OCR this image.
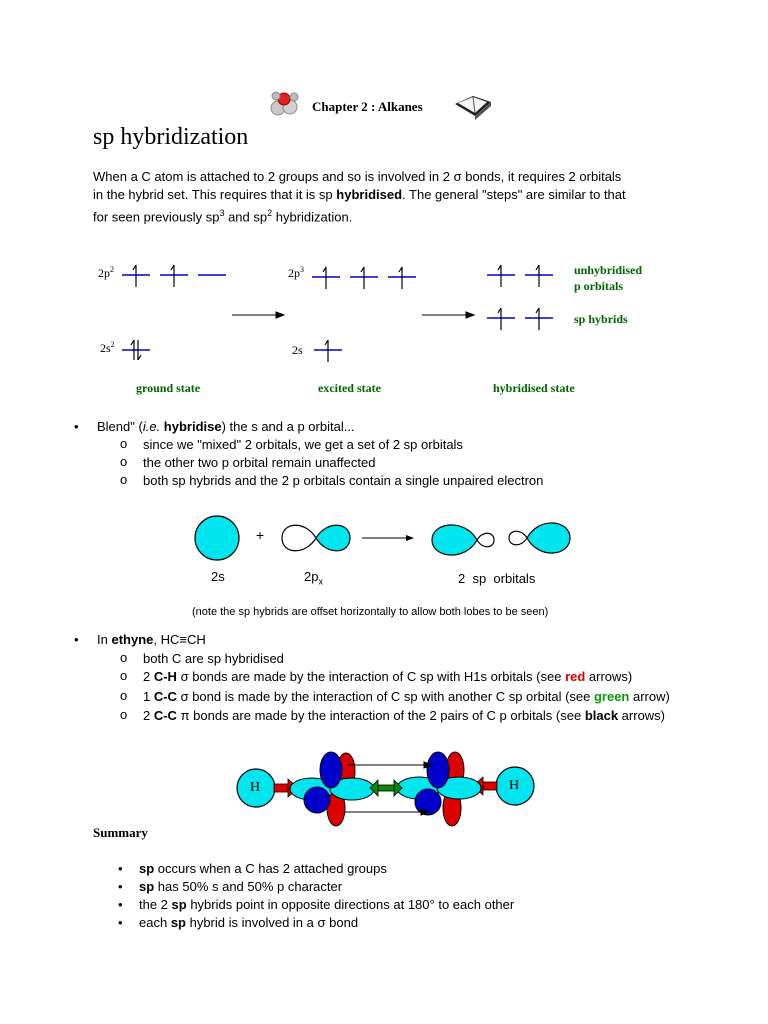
Chapter 2 : Alkanes
sp hybridization
When a C atom is attached to 2 groups and so is involved in 2 σ bonds, it requires 2 orbitals
in the hybrid set. This requires that it is sp hybridised. The general "steps" are similar to that
for seen previously $sp^3$ and $sp^2$ hybridization.
$2p^2$
$2s^2$
$2p^3$
2s
unhybridised
p orbitals
sp hybrids
ground state	excited state	hybridised state
• Blend" (i.e. hybridise) the s and a p orbital...
o since we "mixed" 2 orbitals, we get a set of 2 sp orbitals
o the other two p orbital remain unaffected
o both sp hybrids and the 2 p orbitals contain a single unpaired electron
+
2s	$2p_x$	2  sp  orbitals
(note the sp hybrids are offset horizontally to allow both lobes to be seen)
• In ethyne, HC≡CH
o both C are sp hybridised
o 2 C-H σ bonds are made by the interaction of C sp with H1s orbitals (see red arrows)
o 1 C-C σ bond is made by the interaction of C sp with another C sp orbital (see green arrow)
o 2 C-C π bonds are made by the interaction of the 2 pairs of C p orbitals (see black arrows)
H	H
Summary
• sp occurs when a C has 2 attached groups
• sp has 50% s and 50% p character
• the 2 sp hybrids point in opposite directions at 180° to each other
• each sp hybrid is involved in a σ bond
